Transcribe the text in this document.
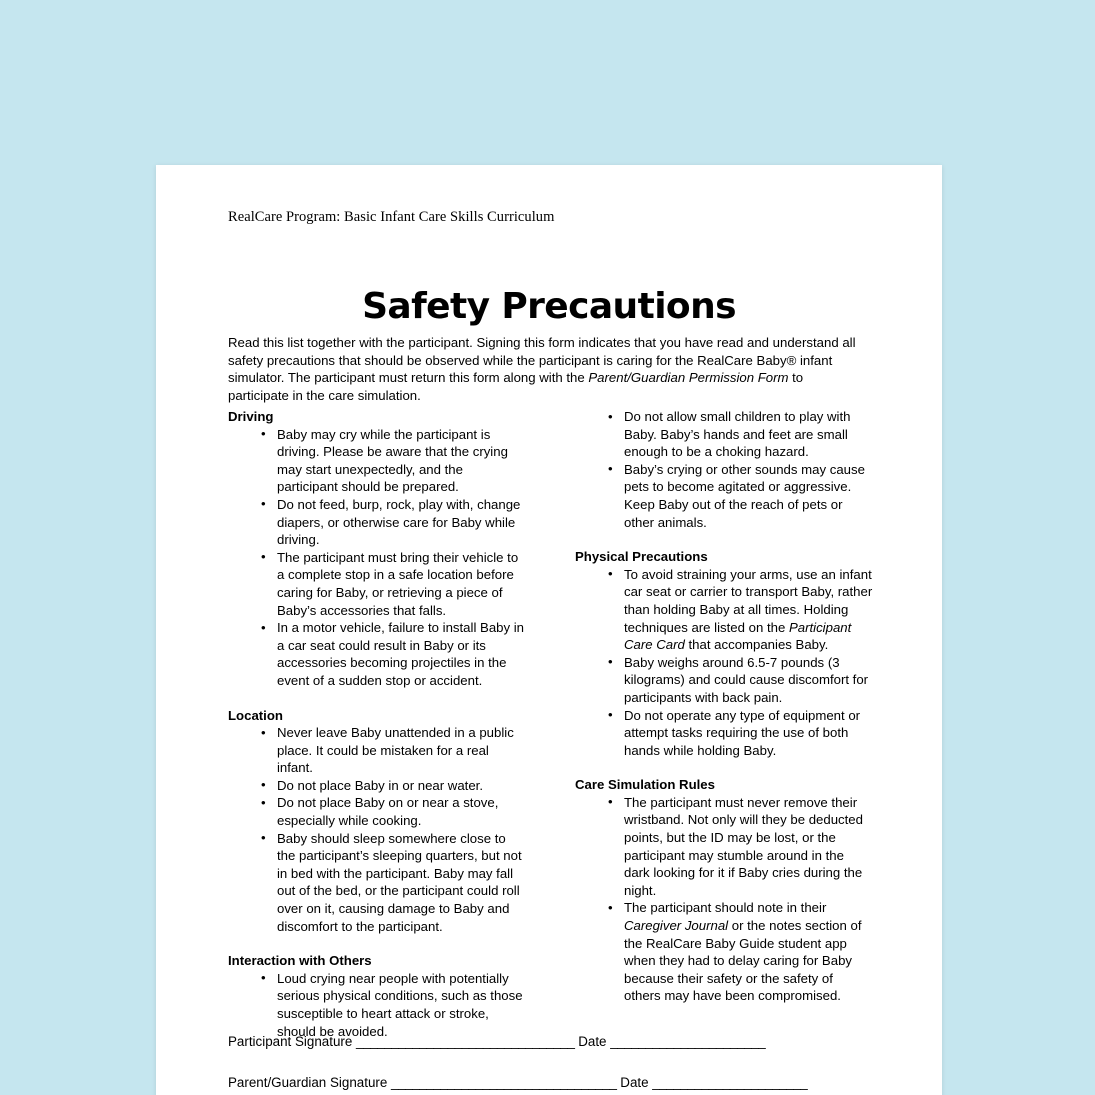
RealCare Program: Basic Infant Care Skills Curriculum
Safety Precautions

Read this list together with the participant. Signing this form indicates that you have read and understand all safety precautions that should be observed while the participant is caring for the RealCare Baby® infant simulator. The participant must return this form along with the Parent/Guardian Permission Form to participate in the care simulation.

Driving
• Baby may cry while the participant is driving. Please be aware that the crying may start unexpectedly, and the participant should be prepared.
• Do not feed, burp, rock, play with, change diapers, or otherwise care for Baby while driving.
• The participant must bring their vehicle to a complete stop in a safe location before caring for Baby, or retrieving a piece of Baby’s accessories that falls.
• In a motor vehicle, failure to install Baby in a car seat could result in Baby or its accessories becoming projectiles in the event of a sudden stop or accident.
Location
• Never leave Baby unattended in a public place. It could be mistaken for a real infant.
• Do not place Baby in or near water.
• Do not place Baby on or near a stove, especially while cooking.
• Baby should sleep somewhere close to the participant’s sleeping quarters, but not in bed with the participant. Baby may fall out of the bed, or the participant could roll over on it, causing damage to Baby and discomfort to the participant.
Interaction with Others
• Loud crying near people with potentially serious physical conditions, such as those susceptible to heart attack or stroke, should be avoided.
• Do not allow small children to play with Baby. Baby’s hands and feet are small enough to be a choking hazard.
• Baby’s crying or other sounds may cause pets to become agitated or aggressive. Keep Baby out of the reach of pets or other animals.
Physical Precautions
• To avoid straining your arms, use an infant car seat or carrier to transport Baby, rather than holding Baby at all times. Holding techniques are listed on the Participant Care Card that accompanies Baby.
• Baby weighs around 6.5-7 pounds (3 kilograms) and could cause discomfort for participants with back pain.
• Do not operate any type of equipment or attempt tasks requiring the use of both hands while holding Baby.
Care Simulation Rules
• The participant must never remove their wristband. Not only will they be deducted points, but the ID may be lost, or the participant may stumble around in the dark looking for it if Baby cries during the night.
• The participant should note in their Caregiver Journal or the notes section of the RealCare Baby Guide student app when they had to delay caring for Baby because their safety or the safety of others may have been compromised.
Participant Signature _______________________________ Date ______________________
Parent/Guardian Signature ________________________________ Date ______________________
